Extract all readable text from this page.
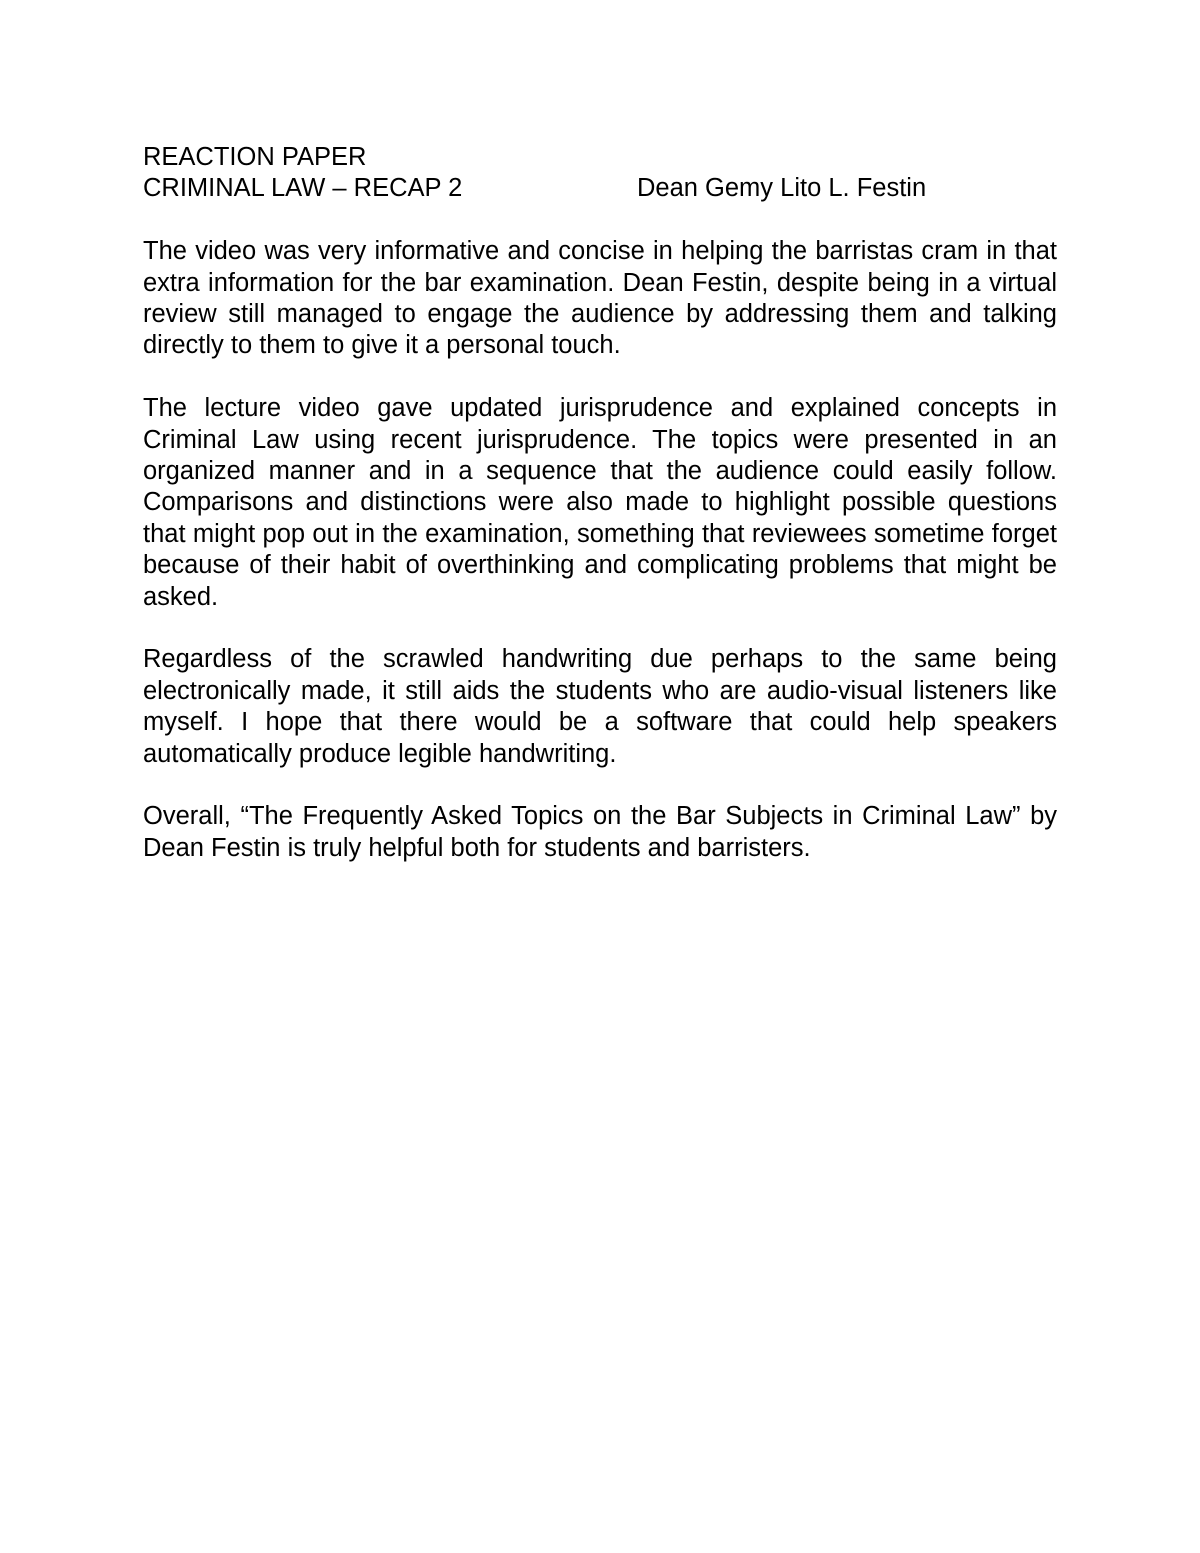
REACTION PAPER

CRIMINAL LAW – RECAP 2	Dean Gemy Lito L. Festin

The video was very informative and concise in helping the barristas cram in that extra information for the bar examination. Dean Festin, despite being in a virtual review still managed to engage the audience by addressing them and talking directly to them to give it a personal touch.

The lecture video gave updated jurisprudence and explained concepts in Criminal Law using recent jurisprudence. The topics were presented in an organized manner and in a sequence that the audience could easily follow. Comparisons and distinctions were also made to highlight possible questions that might pop out in the examination, something that reviewees sometime forget because of their habit of overthinking and complicating problems that might be asked.

Regardless of the scrawled handwriting due perhaps to the same being electronically made, it still aids the students who are audio-visual listeners like myself. I hope that there would be a software that could help speakers automatically produce legible handwriting.

Overall, “The Frequently Asked Topics on the Bar Subjects in Criminal Law” by Dean Festin is truly helpful both for students and barristers.
